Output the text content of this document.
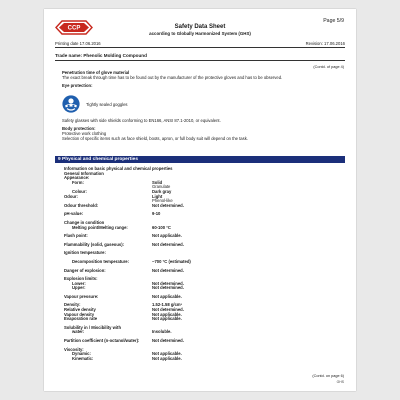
CCP
Page 5/9
Safety Data Sheet
according to Globally Harmonized System (GHS)
Printing date 17.06.2016	Revision: 17.06.2016
Trade name: Phenolic Molding Compound
(Contd. of page 4)
Penetration time of glove material
The exact break through time has to be found out by the manufacturer of the protective gloves and has to be observed.
Eye protection:
Tightly sealed goggles
Safety glasses with side shields conforming to EN166, ANSI 87.1-2010, or equivalent.
Body protection:
Protective work clothing
Selection of specific items such as face shield, boots, apron, or full body suit will depend on the task.
9 Physical and chemical properties
Information on basic physical and chemical properties
General Information
Appearance:
Form:	Solid
Granulate
Colour:	Dark gray
Odour:	Light
Phenol-like
Odour threshold:	Not determined.
pH-value:	9-10
Change in condition
Melting point/Melting range:	60-100 °C
Flash point:	Not applicable.
Flammability (solid, gaseous):	Not determined.
Ignition temperature:
Decomposition temperature:	~700 °C (estimated)
Danger of explosion:	Not determined.
Explosion limits:
Lower:	Not determined.
Upper:	Not determined.
Vapour pressure:	Not applicable.
Density:	1.52-1.58 g/cm³
Relative density	Not determined.
Vapour density	Not applicable.
Evaporation rate	Not applicable.
Solubility in / Miscibility with
water:	Insoluble.
Partition coefficient (n-octanol/water):	Not determined.
Viscosity:
Dynamic:	Not applicable.
Kinematic:	Not applicable.
(Contd. on page 6)
GHS
